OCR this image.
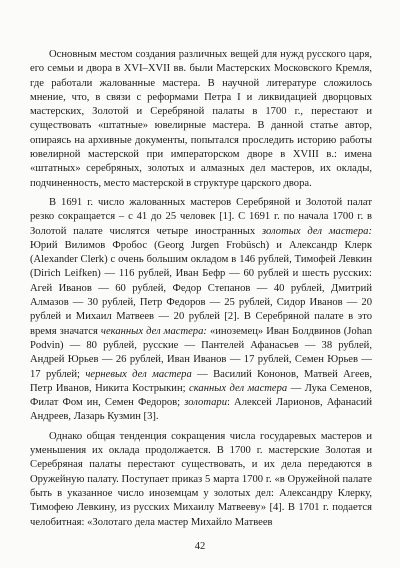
Основным местом создания различных вещей для нужд русского царя, его семьи и двора в XVI–XVII вв. были Мастерских Московского Кремля, где работали жалованные мастера. В научной литературе сложилось мнение, что, в связи с реформами Петра I и ликвидацией дворцовых мастерских, Золотой и Серебряной палаты в 1700 г., перестают и существовать «штатные» ювелирные мастера. В данной статье автор, опираясь на архивные документы, попытался проследить историю работы ювелирной мастерской при императорском дворе в XVIII в.: имена «штатных» серебряных, золотых и алмазных дел мастеров, их оклады, подчиненность, место мастерской в структуре царского двора.

В 1691 г. число жалованных мастеров Серебряной и Золотой палат резко сокращается – с 41 до 25 человек [1]. С 1691 г. по начала 1700 г. в Золотой палате числятся четыре иностранных золотых дел мастера: Юрий Вилимов Фробос (Georg Jurgen Frobüsch) и Александр Клерк (Alexander Clerk) с очень большим окладом в 146 рублей, Тимофей Левкин (Dirich Leifken) — 116 рублей, Иван Бефр — 60 рублей и шесть русских: Агей Иванов — 60 рублей, Федор Степанов — 40 рублей, Дмитрий Алмазов — 30 рублей, Петр Федоров — 25 рублей, Сидор Иванов — 20 рублей и Михаил Матвеев — 20 рублей [2]. В Серебряной палате в это время значатся чеканных дел мастера: «иноземец» Иван Болдвинов (Johan Podvin) — 80 рублей, русские — Пантелей Афанасьев — 38 рублей, Андрей Юрьев — 26 рублей, Иван Иванов — 17 рублей, Семен Юрьев — 17 рублей; черневых дел мастера — Василий Кононов, Матвей Агеев, Петр Иванов, Никита Кострыкин; сканных дел мастера — Лука Семенов, Филат Фом ин, Семен Федоров; золотари: Алексей Ларионов, Афанасий Андреев, Лазарь Кузмин [3].

Однако общая тенденция сокращения числа государевых мастеров и уменьшения их оклада продолжается. В 1700 г. мастерские Золотая и Серебряная палаты перестают существовать, и их дела передаются в Оружейную палату. Поступает приказ 5 марта 1700 г. «в Оружейной палате быть в указанное число иноземцам у золотых дел: Александру Клерку, Тимофею Левкину, из русских Михаилу Матвееву» [4]. В 1701 г. подается челобитная: «Золотаго дела мастер Михайло Матвеев

42
